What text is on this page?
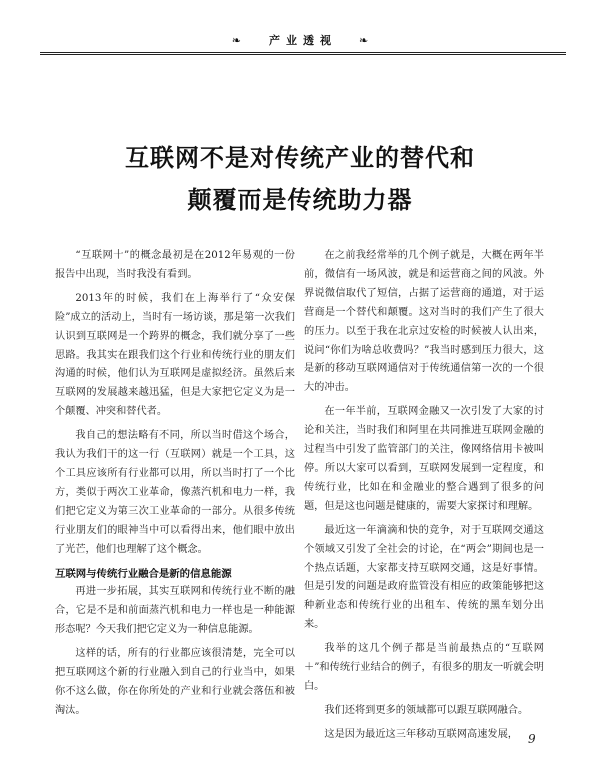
❧	产业透视 ❧
互联网不是对传统产业的替代和
颠覆而是传统助力器

“互联网十”的概念最初是在2012年易观的一份报告中出现，当时我没有看到。

2013年的时候，我们在上海举行了“众安保险”成立的活动上，当时有一场访谈，那是第一次我们认识到互联网是一个跨界的概念，我们就分享了一些思路。我其实在跟我们这个行业和传统行业的朋友们沟通的时候，他们认为互联网是虚拟经济。虽然后来互联网的发展越来越迅猛，但是大家把它定义为是一个颠覆、冲突和替代者。

我自己的想法略有不同，所以当时借这个场合，我认为我们干的这一行（互联网）就是一个工具，这个工具应该所有行业都可以用，所以当时打了一个比方，类似于两次工业革命，像蒸汽机和电力一样，我们把它定义为第三次工业革命的一部分。从很多传统行业朋友们的眼神当中可以看得出来，他们眼中放出了光芒，他们也理解了这个概念。

互联网与传统行业融合是新的信息能源

再进一步拓展，其实互联网和传统行业不断的融合，它是不是和前面蒸汽机和电力一样也是一种能源形态呢？今天我们把它定义为一种信息能源。

这样的话，所有的行业都应该很清楚，完全可以把互联网这个新的行业融入到自己的行业当中，如果你不这么做，你在你所处的产业和行业就会落伍和被淘汰。

在之前我经常举的几个例子就是，大概在两年半前，微信有一场风波，就是和运营商之间的风波。外界说微信取代了短信，占据了运营商的通道，对于运营商是一个替代和颠覆。这对当时的我们产生了很大的压力。以至于我在北京过安检的时候被人认出来，说问“你们为啥总收费吗？”我当时感到压力很大，这是新的移动互联网通信对于传统通信第一次的一个很大的冲击。

在一年半前，互联网金融又一次引发了大家的讨论和关注，当时我们和阿里在共同推进互联网金融的过程当中引发了监管部门的关注，像网络信用卡被叫停。所以大家可以看到，互联网发展到一定程度，和传统行业，比如在和金融业的整合遇到了很多的问题，但是这也问题是健康的，需要大家探讨和理解。

最近这一年滴滴和快的竞争，对于互联网交通这个领域又引发了全社会的讨论，在“两会”期间也是一个热点话题，大家都支持互联网交通，这是好事情。但是引发的问题是政府监管没有相应的政策能够把这种新业态和传统行业的出租车、传统的黑车划分出来。

我举的这几个例子都是当前最热点的“互联网＋”和传统行业结合的例子，有很多的朋友一听就会明白。

我们还将到更多的领域都可以跟互联网融合。

这是因为最近这三年移动互联网高速发展， 9
